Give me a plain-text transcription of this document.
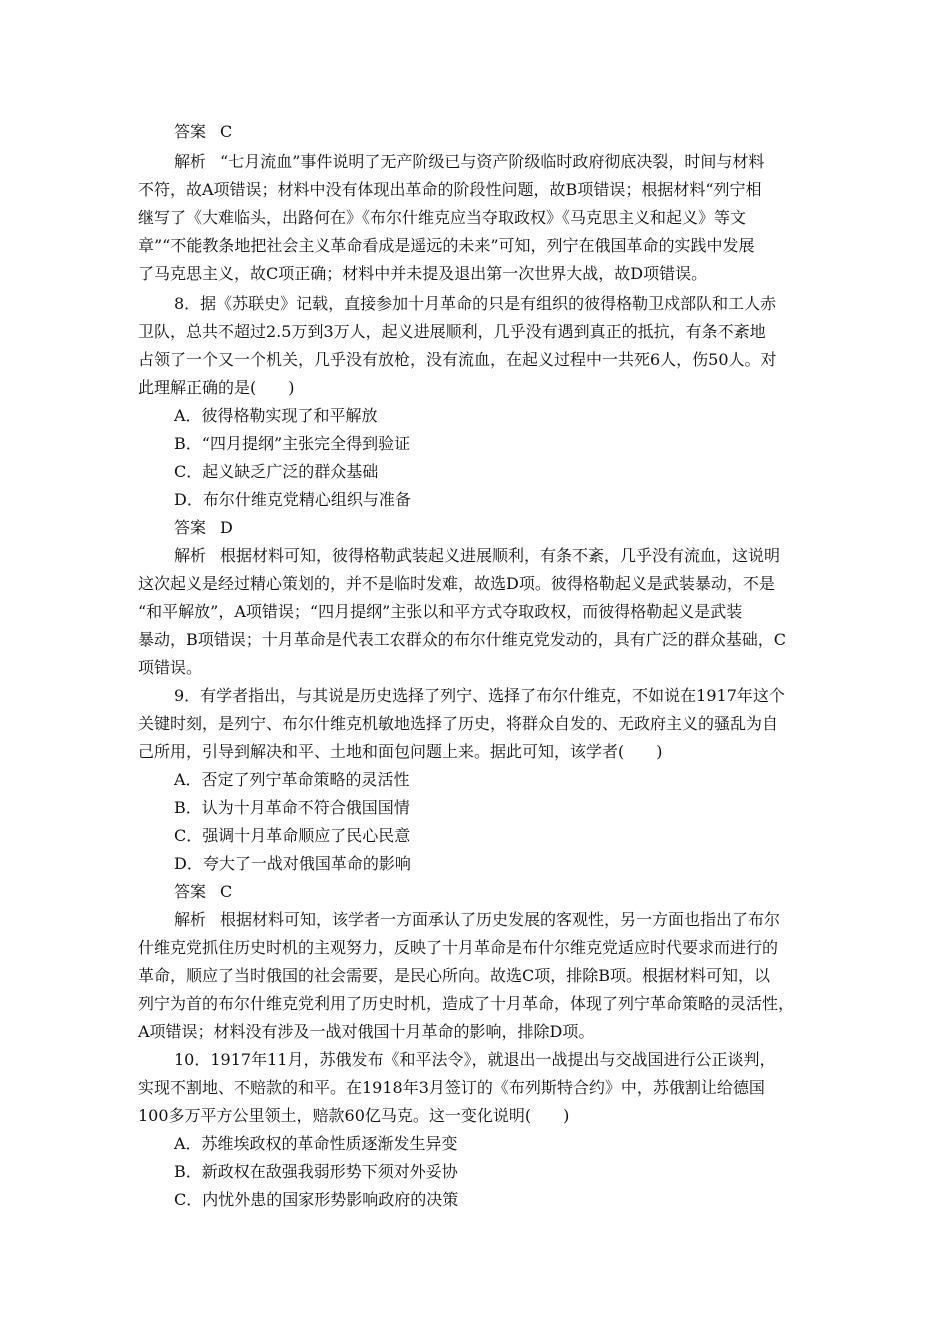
答案 C
解析 “七月流血”事件说明了无产阶级已与资产阶级临时政府彻底决裂，时间与材料
不符，故A项错误；材料中没有体现出革命的阶段性问题，故B项错误；根据材料“列宁相
继写了《大难临头，出路何在》《布尔什维克应当夺取政权》《马克思主义和起义》等文
章”“不能教条地把社会主义革命看成是遥远的未来”可知，列宁在俄国革命的实践中发展
了马克思主义，故C项正确；材料中并未提及退出第一次世界大战，故D项错误。
8．据《苏联史》记载，直接参加十月革命的只是有组织的彼得格勒卫戍部队和工人赤
卫队，总共不超过2.5万到3万人，起义进展顺利，几乎没有遇到真正的抵抗，有条不紊地
占领了一个又一个机关，几乎没有放枪，没有流血，在起义过程中一共死6人，伤50人。对
此理解正确的是(　　)
A．彼得格勒实现了和平解放
B．“四月提纲”主张完全得到验证
C．起义缺乏广泛的群众基础
D．布尔什维克党精心组织与准备
答案 D
解析 根据材料可知，彼得格勒武装起义进展顺利，有条不紊，几乎没有流血，这说明
这次起义是经过精心策划的，并不是临时发难，故选D项。彼得格勒起义是武装暴动，不是
“和平解放”，A项错误；“四月提纲”主张以和平方式夺取政权，而彼得格勒起义是武装
暴动，B项错误；十月革命是代表工农群众的布尔什维克党发动的，具有广泛的群众基础，C
项错误。
9．有学者指出，与其说是历史选择了列宁、选择了布尔什维克，不如说在1917年这个
关键时刻，是列宁、布尔什维克机敏地选择了历史，将群众自发的、无政府主义的骚乱为自
己所用，引导到解决和平、土地和面包问题上来。据此可知，该学者(　　)
A．否定了列宁革命策略的灵活性
B．认为十月革命不符合俄国国情
C．强调十月革命顺应了民心民意
D．夸大了一战对俄国革命的影响
答案 C
解析 根据材料可知，该学者一方面承认了历史发展的客观性，另一方面也指出了布尔
什维克党抓住历史时机的主观努力，反映了十月革命是布什尔维克党适应时代要求而进行的
革命，顺应了当时俄国的社会需要，是民心所向。故选C项，排除B项。根据材料可知，以
列宁为首的布尔什维克党利用了历史时机，造成了十月革命，体现了列宁革命策略的灵活性，
A项错误；材料没有涉及一战对俄国十月革命的影响，排除D项。
10．1917年11月，苏俄发布《和平法令》，就退出一战提出与交战国进行公正谈判，
实现不割地、不赔款的和平。在1918年3月签订的《布列斯特合约》中，苏俄割让给德国
100多万平方公里领土，赔款60亿马克。这一变化说明(　　)
A．苏维埃政权的革命性质逐渐发生异变
B．新政权在敌强我弱形势下须对外妥协
C．内忧外患的国家形势影响政府的决策
